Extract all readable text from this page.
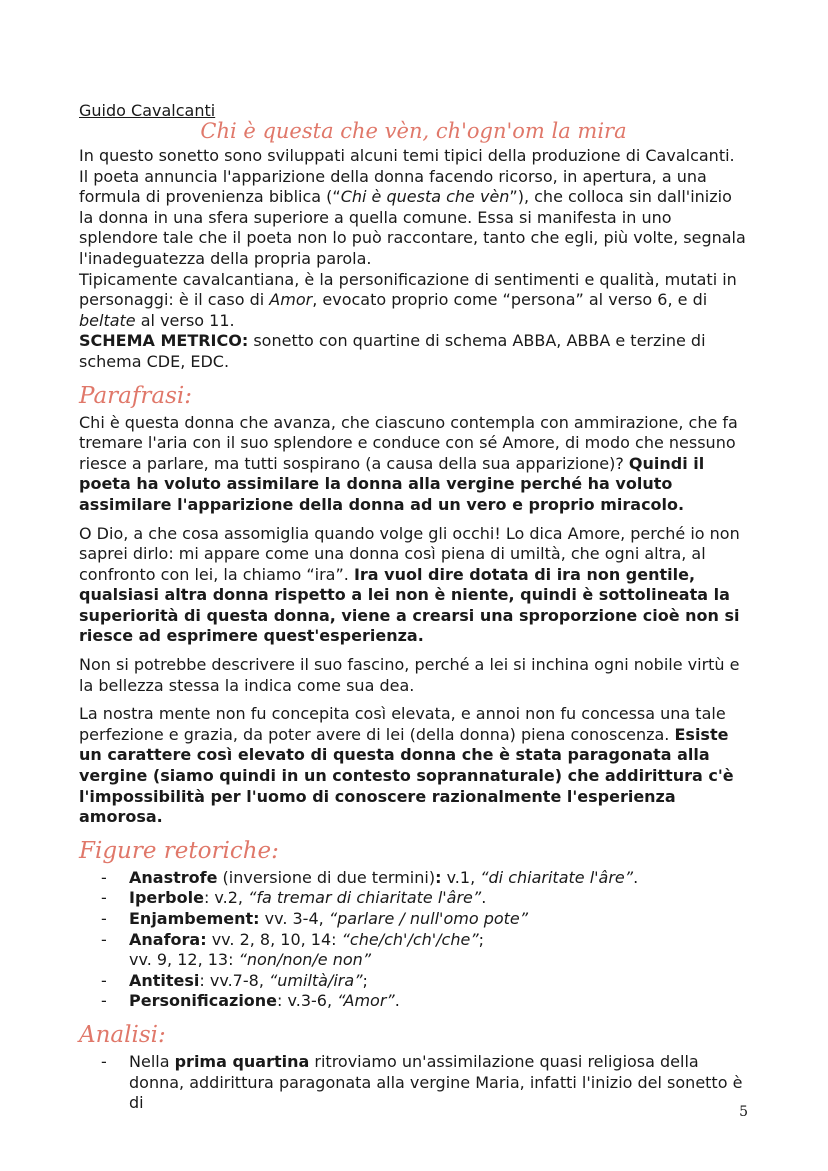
Guido Cavalcanti

Chi è questa che vèn, ch'ogn'om la mira

In questo sonetto sono sviluppati alcuni temi tipici della produzione di Cavalcanti. Il poeta annuncia l'apparizione della donna facendo ricorso, in apertura, a una formula di provenienza biblica (“Chi è questa che vèn”), che colloca sin dall'inizio la donna in una sfera superiore a quella comune. Essa si manifesta in uno splendore tale che il poeta non lo può raccontare, tanto che egli, più volte, segnala l'inadeguatezza della propria parola.

Tipicamente cavalcantiana, è la personificazione di sentimenti e qualità, mutati in personaggi: è il caso di Amor, evocato proprio come “persona” al verso 6, e di beltate al verso 11.

SCHEMA METRICO: sonetto con quartine di schema ABBA, ABBA e terzine di schema CDE, EDC.

Parafrasi:

Chi è questa donna che avanza, che ciascuno contempla con ammirazione, che fa tremare l'aria con il suo splendore e conduce con sé Amore, di modo che nessuno riesce a parlare, ma tutti sospirano (a causa della sua apparizione)? Quindi il poeta ha voluto assimilare la donna alla vergine perché ha voluto assimilare l'apparizione della donna ad un vero e proprio miracolo.

O Dio, a che cosa assomiglia quando volge gli occhi! Lo dica Amore, perché io non saprei dirlo: mi appare come una donna così piena di umiltà, che ogni altra, al confronto con lei, la chiamo “ira”. Ira vuol dire dotata di ira non gentile, qualsiasi altra donna rispetto a lei non è niente, quindi è sottolineata la superiorità di questa donna, viene a crearsi una sproporzione cioè non si riesce ad esprimere quest'esperienza.

Non si potrebbe descrivere il suo fascino, perché a lei si inchina ogni nobile virtù e la bellezza stessa la indica come sua dea.

La nostra mente non fu concepita così elevata, e annoi non fu concessa una tale perfezione e grazia, da poter avere di lei (della donna) piena conoscenza. Esiste un carattere così elevato di questa donna che è stata paragonata alla vergine (siamo quindi in un contesto soprannaturale) che addirittura c'è l'impossibilità per l'uomo di conoscere razionalmente l'esperienza amorosa.

Figure retoriche:
- Anastrofe (inversione di due termini): v.1, “di chiaritate l'âre”.
- Iperbole: v.2, “fa tremar di chiaritate l'âre”.
- Enjambement: vv. 3-4, “parlare / null'omo pote”
- Anafora: vv. 2, 8, 10, 14: “che/ch'/ch'/che”;
vv. 9, 12, 13: “non/non/e non”
- Antitesi: vv.7-8, “umiltà/ira”;
- Personificazione: v.3-6, “Amor”.
Analisi:
- Nella prima quartina ritroviamo un'assimilazione quasi religiosa della donna, addirittura paragonata alla vergine Maria, infatti l'inizio del sonetto è di	5
